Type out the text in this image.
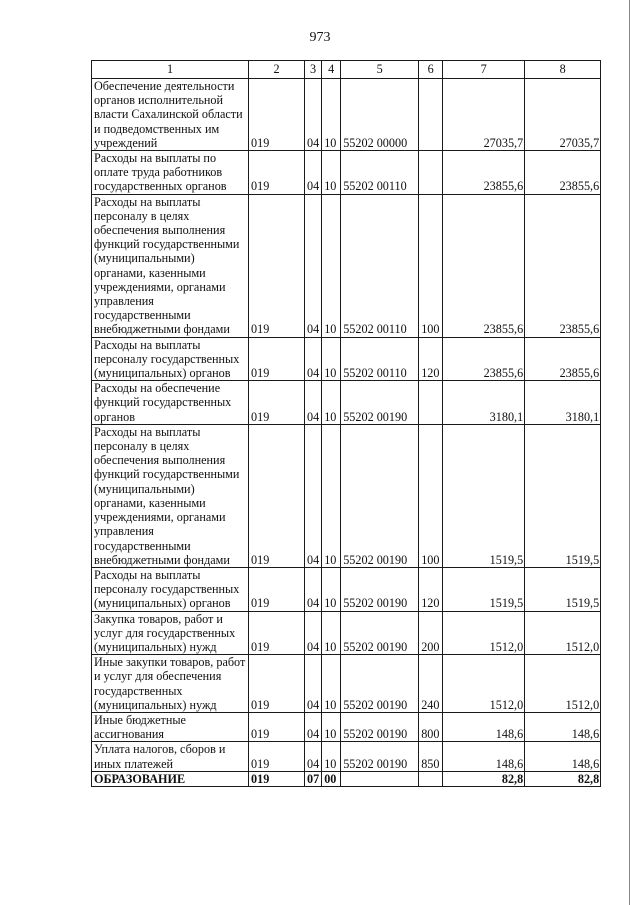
973
1	2	3	4	5	6	7	8
Обеспечение деятельности органов исполнительной власти Сахалинской области и подведомственных им учреждений	019	04	10	55202 00000		27035,7	27035,7
Расходы на выплаты по оплате труда работников государственных органов	019	04	10	55202 00110		23855,6	23855,6
Расходы на выплаты персоналу в целях обеспечения выполнения функций государственными (муниципальными) органами, казенными учреждениями, органами управления государственными внебюджетными фондами	019	04	10	55202 00110	100	23855,6	23855,6
Расходы на выплаты персоналу государственных (муниципальных) органов	019	04	10	55202 00110	120	23855,6	23855,6
Расходы на обеспечение функций государственных органов	019	04	10	55202 00190		3180,1	3180,1
Расходы на выплаты персоналу в целях обеспечения выполнения функций государственными (муниципальными) органами, казенными учреждениями, органами управления государственными внебюджетными фондами	019	04	10	55202 00190	100	1519,5	1519,5
Расходы на выплаты персоналу государственных (муниципальных) органов	019	04	10	55202 00190	120	1519,5	1519,5
Закупка товаров, работ и услуг для государственных (муниципальных) нужд	019	04	10	55202 00190	200	1512,0	1512,0
Иные закупки товаров, работ и услуг для обеспечения государственных (муниципальных) нужд	019	04	10	55202 00190	240	1512,0	1512,0
Иные бюджетные ассигнования	019	04	10	55202 00190	800	148,6	148,6
Уплата налогов, сборов и иных платежей	019	04	10	55202 00190	850	148,6	148,6
ОБРАЗОВАНИЕ	019	07	00			82,8	82,8
